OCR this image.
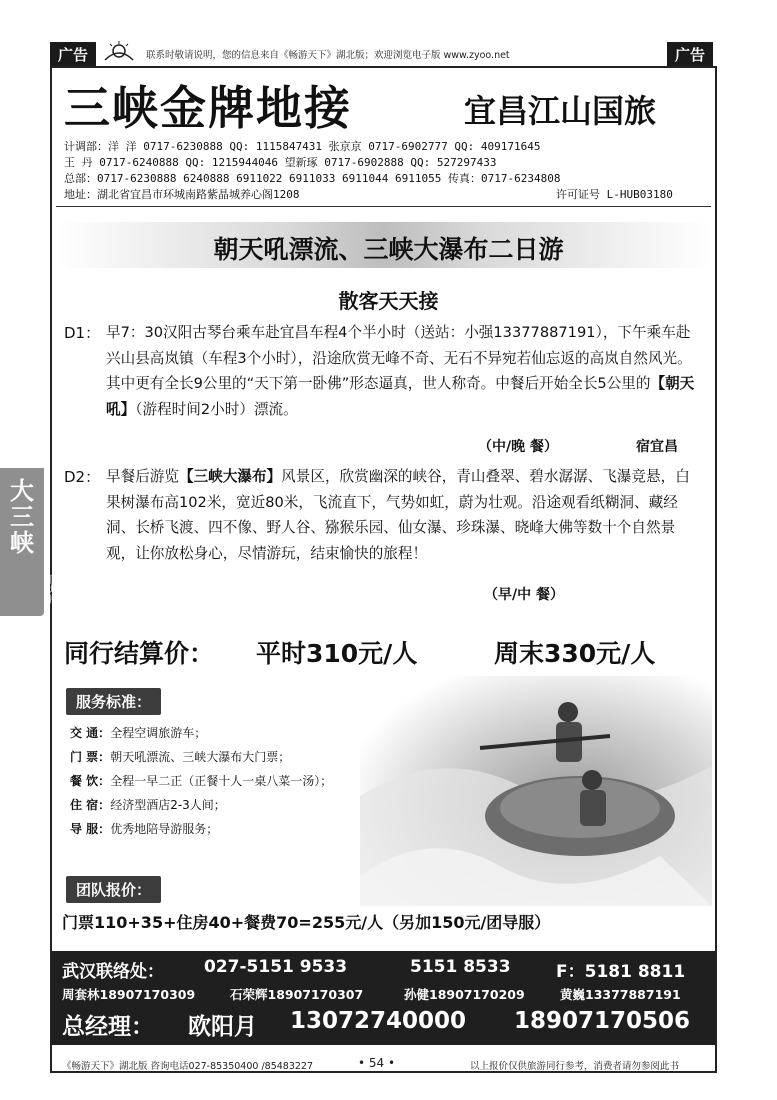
广告	联系时敬请说明，您的信息来自《畅游天下》湖北版；欢迎浏览电子版 www.zyoo.net	广告
三峡金牌地接	宜昌江山国旅
计调部：洋 洋 0717-6230888 QQ: 1115847431 张京京 0717-6902777 QQ: 409171645
王 丹 0717-6240888 QQ: 1215944046 望新琢 0717-6902888 QQ: 527297433
总部：0717-6230888 6240888 6911022 6911033 6911044 6911055 传真：0717-6234808
地址：湖北省宜昌市环城南路紫晶城养心阁1208	许可证号 L-HUB03180
朝天吼漂流、三峡大瀑布二日游
散客天天接
D1： 早7：30汉阳古琴台乘车赴宜昌车程4个半小时（送站：小强13377887191），下午乘车赴兴山县高岚镇（车程3个小时），沿途欣赏无峰不奇、无石不异宛若仙忘返的高岚自然风光。其中更有全长9公里的“天下第一卧佛”形态逼真，世人称奇。中餐后开始全长5公里的【朝天吼】（游程时间2小时）漂流。
（中/晚 餐）	宿宜昌
D2： 早餐后游览【三峡大瀑布】风景区，欣赏幽深的峡谷，青山叠翠、碧水潺潺、飞瀑竞悬，白果树瀑布高102米，宽近80米，飞流直下，气势如虹，蔚为壮观。沿途观看纸糊洞、藏经洞、长桥飞渡、四不像、野人谷、猕猴乐园、仙女瀑、珍珠瀑、晓峰大佛等数十个自然景观，让你放松身心，尽情游玩，结束愉快的旅程！
（早/中 餐）
大三峡
区域版
同行结算价： 平时310元/人	周末330元/人
服务标准：
交 通：全程空调旅游车；
门 票：朝天吼漂流、三峡大瀑布大门票；
餐 饮：全程一早二正（正餐十人一桌八菜一汤）；
住 宿：经济型酒店2-3人间；
导 服：优秀地陪导游服务；
团队报价：
门票110+35+住房40+餐费70=255元/人（另加150元/团导服）
武汉联络处： 027-5151 9533	5151 8533	F：5181 8811
周套林18907170309	石荣辉18907170307	孙健18907170209	黄巍13377887191
总经理： 欧阳月 13072740000 18907170506
《畅游天下》湖北版 咨询电话027-85350400 /85483227	• 54 •	以上报价仅供旅游同行参考，消费者请勿参阅此书
